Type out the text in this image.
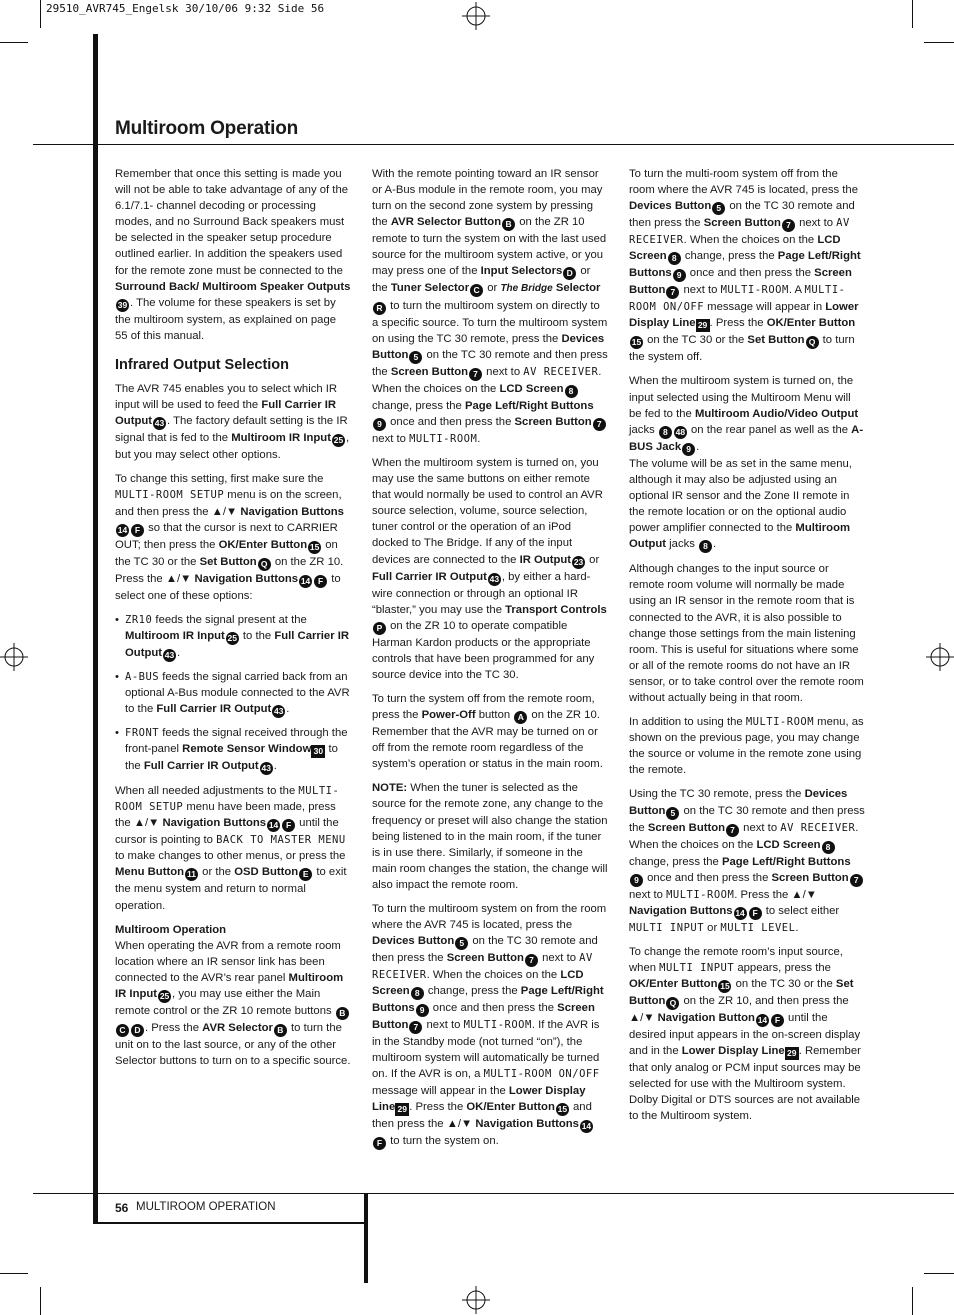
29510_AVR745_Engelsk 30/10/06 9:32 Side 56
Multiroom Operation

Remember that once this setting is made you will not be able to take advantage of any of the 6.1/7.1- channel decoding or processing modes, and no Surround Back speakers must be selected in the speaker setup procedure outlined earlier. In addition the speakers used for the remote zone must be connected to the Surround Back/ Multiroom Speaker Outputs39 . The volume for these speakers is set by the multiroom system, as explained on page 55 of this manual.

Infrared Output Selection

The AVR 745 enables you to select which IR input will be used to feed the Full Carrier IR Output 43 . The factory default setting is the IR signal that is fed to the Multiroom IR Input 25 , but you may select other options.

To change this setting, first make sure the MULTI-ROOM SETUP menu is on the screen, and then press the ▲/▼ Navigation Buttons14 F so that the cursor is next to CARRIER OUT; then press the OK/Enter Button 15 on the TC 30 or the Set Button Q on the ZR 10. Press the ▲/▼ Navigation Buttons 14 F to select one of these options:

• ZR10 feeds the signal present at the Multiroom IR Input 25 to the Full Carrier IR Output 43 .
• A-BUS feeds the signal carried back from an optional A-Bus module connected to the AVR to the Full Carrier IR Output 43 .
• FRONT feeds the signal received through the front-panel Remote Sensor Window 30 to the Full Carrier IR Output 43 .

When all needed adjustments to the MULTI-ROOM SETUP menu have been made, press the ▲/▼ Navigation Buttons 14 F until the cursor is pointing to BACK TO MASTER MENU to make changes to other menus, or press the Menu Button 11 or the OSD Button E to exit the menu system and return to normal operation.

Multiroom Operation

When operating the AVR from a remote room location where an IR sensor link has been connected to the AVR’s rear panel Multiroom IR Input 25 , you may use either the Main remote control or the ZR 10 remote buttons BC D . Press the AVR Selector B to turn the unit on to the last source, or any of the other Selector buttons to turn on to a specific source.

With the remote pointing toward an IR sensor or A-Bus module in the remote room, you may turn on the second zone system by pressing the AVR Selector Button B on the ZR 10 remote to turn the system on with the last used source for the multiroom system active, or you may press one of the Input Selectors D or the Tuner Selector C or The Bridge SelectorR to turn the multiroom system on directly to a specific source. To turn the multiroom system on using the TC 30 remote, press the Devices Button 5 on the TC 30 remote and then press the Screen Button 7 next to AV RECEIVER. When the choices on the LCD Screen 8 change, press the Page Left/Right Buttons9 once and then press the Screen Button 7 next to MULTI-ROOM.

When the multiroom system is turned on, you may use the same buttons on either remote that would normally be used to control an AVR source selection, volume, source selection, tuner control or the operation of an iPod docked to The Bridge. If any of the input devices are connected to the IR Output 23 or Full Carrier IR Output 43 , by either a hard-wire connection or through an optional IR “blaster,” you may use the Transport ControlsP on the ZR 10 to operate compatible Harman Kardon products or the appropriate controls that have been programmed for any source device into the TC 30.

To turn the system off from the remote room, press the Power-Off button A on the ZR 10. Remember that the AVR may be turned on or off from the remote room regardless of the system’s operation or status in the main room.

NOTE: When the tuner is selected as the source for the remote zone, any change to the frequency or preset will also change the station being listened to in the main room, if the tuner is in use there. Similarly, if someone in the main room changes the station, the change will also impact the remote room.

To turn the multiroom system on from the room where the AVR 745 is located, press the Devices Button 5 on the TC 30 remote and then press the Screen Button 7 next to AV RECEIVER. When the choices on the LCD Screen 8 change, press the Page Left/Right Buttons 9 once and then press the Screen Button 7 next to MULTI-ROOM. If the AVR is in the Standby mode (not turned “on”), the multiroom system will automatically be turned on. If the AVR is on, a MULTI-ROOM ON/OFF message will appear in the Lower Display Line 29 . Press the OK/Enter Button 15 and then press the ▲/▼ Navigation Buttons 14F to turn the system on.

To turn the multi-room system off from the room where the AVR 745 is located, press the Devices Button 5 on the TC 30 remote and then press the Screen Button 7 next to AV RECEIVER. When the choices on the LCD Screen 8 change, press the Page Left/Right Buttons 9 once and then press the Screen Button 7 next to MULTI-ROOM. A MULTI-ROOM ON/OFF message will appear in Lower Display Line 29 . Press the OK/Enter Button15 on the TC 30 or the Set Button Q to turn the system off.

When the multiroom system is turned on, the input selected using the Multiroom Menu will be fed to the Multiroom Audio/Video Output jacks 8 48 on the rear panel as well as the A-BUS Jack 9 .
The volume will be as set in the same menu, although it may also be adjusted using an optional IR sensor and the Zone II remote in the remote location or on the optional audio power amplifier connected to the Multiroom Output jacks 8 .

Although changes to the input source or remote room volume will normally be made using an IR sensor in the remote room that is connected to the AVR, it is also possible to change those settings from the main listening room. This is useful for situations where some or all of the remote rooms do not have an IR sensor, or to take control over the remote room without actually being in that room.

In addition to using the MULTI-ROOM menu, as shown on the previous page, you may change the source or volume in the remote zone using the remote.

Using the TC 30 remote, press the Devices Button 5 on the TC 30 remote and then press the Screen Button 7 next to AV RECEIVER. When the choices on the LCD Screen 8 change, press the Page Left/Right Buttons9 once and then press the Screen Button 7 next to MULTI-ROOM. Press the ▲/▼ Navigation Buttons 14 F to select either MULTI INPUT or MULTI LEVEL.

To change the remote room’s input source, when MULTI INPUT appears, press the OK/Enter Button 15 on the TC 30 or the Set Button Q on the ZR 10, and then press the ▲/▼ Navigation Button 14 F until the desired input appears in the on-screen display and in the Lower Display Line 29 . Remember that only analog or PCM input sources may be selected for use with the Multiroom system. Dolby Digital or DTS sources are not available to the Multiroom system.

56 MULTIROOM OPERATION
